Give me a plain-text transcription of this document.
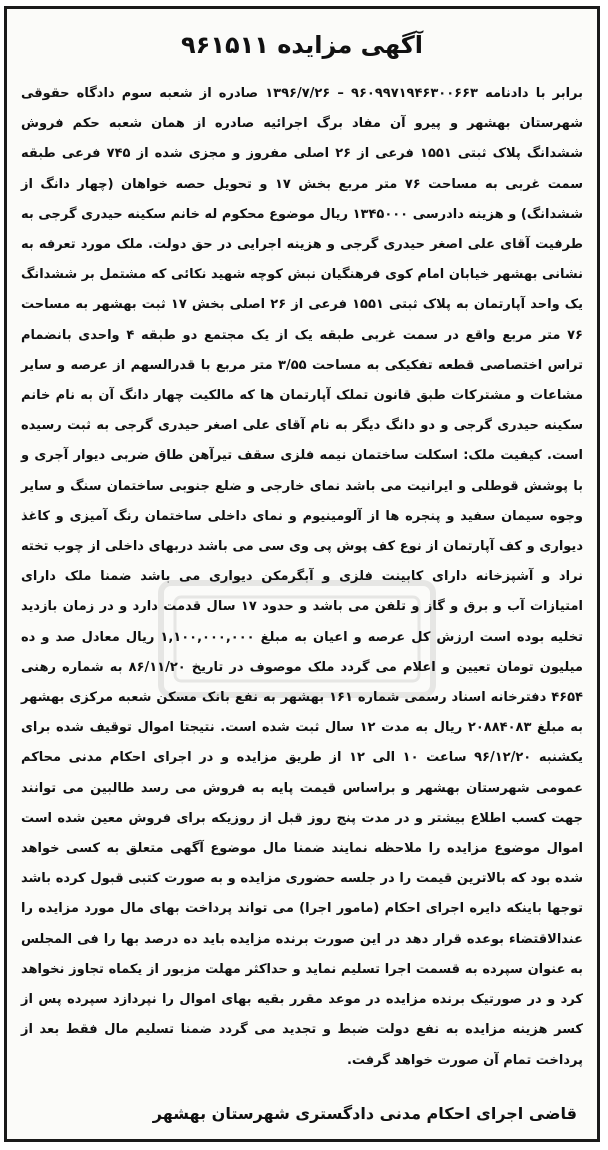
آگهی مزایده ۹۶۱۵۱۱

برابر با دادنامه ۹۶۰۹۹۷۱۹۴۶۳۰۰۶۶۳ – ۱۳۹۶/۷/۲۶ صادره از شعبه سوم دادگاه حقوقی شهرستان بهشهر و پیرو آن مفاد برگ اجرائیه صادره از همان شعبه حکم فروش ششدانگ پلاک ثبتی ۱۵۵۱ فرعی از ۲۶ اصلی مفروز و مجزی شده از ۷۴۵ فرعی طبقه سمت غربی به مساحت ۷۶ متر مربع بخش ۱۷ و تحویل حصه خواهان (چهار دانگ از ششدانگ) و هزینه دادرسی ۱۳۴۵۰۰۰ ریال موضوع محکوم له خانم سکینه حیدری گرجی به طرفیت آقای علی اصغر حیدری گرجی و هزینه اجرایی در حق دولت. ملک مورد تعرفه به نشانی بهشهر خیابان امام کوی فرهنگیان نبش کوچه شهید نکائی که مشتمل بر ششدانگ یک واحد آپارتمان به پلاک ثبتی ۱۵۵۱ فرعی از ۲۶ اصلی بخش ۱۷ ثبت بهشهر به مساحت ۷۶ متر مربع واقع در سمت غربی طبقه یک از یک مجتمع دو طبقه ۴ واحدی بانضمام تراس اختصاصی قطعه تفکیکی به مساحت ۳/۵۵ متر مربع با قدرالسهم از عرصه و سایر مشاعات و مشترکات طبق قانون تملک آپارتمان ها که مالکیت چهار دانگ آن به نام خانم سکینه حیدری گرجی و دو دانگ دیگر به نام آقای علی اصغر حیدری گرجی به ثبت رسیده است. کیفیت ملک: اسکلت ساختمان نیمه فلزی سقف تیرآهن طاق ضربی دیوار آجری و با پوشش قوطلی و ایرانیت می باشد نمای خارجی و ضلع جنوبی ساختمان سنگ و سایر وجوه سیمان سفید و پنجره ها از آلومینیوم و نمای داخلی ساختمان رنگ آمیزی و کاغذ دیواری و کف آپارتمان از نوع کف پوش پی وی سی می باشد دربهای داخلی از چوب تخته نراد و آشپزخانه دارای کابینت فلزی و آبگرمکن دیواری می باشد ضمنا ملک دارای امتیازات آب و برق و گاز و تلفن می باشد و حدود ۱۷ سال قدمت دارد و در زمان بازدید تخلیه بوده است ارزش کل عرصه و اعیان به مبلغ ۱,۱۰۰,۰۰۰,۰۰۰ ریال معادل صد و ده میلیون تومان تعیین و اعلام می گردد ملک موصوف در تاریخ ۸۶/۱۱/۲۰ به شماره رهنی ۴۶۵۴ دفترخانه اسناد رسمی شماره ۱۶۱ بهشهر به نفع بانک مسکن شعبه مرکزی بهشهر به مبلغ ۲۰۸۸۴۰۸۳ ریال به مدت ۱۲ سال ثبت شده است. نتیجتا اموال توقیف شده برای یکشنبه ۹۶/۱۲/۲۰ ساعت ۱۰ الی ۱۲ از طریق مزایده و در اجرای احکام مدنی محاکم عمومی شهرستان بهشهر و براساس قیمت پایه به فروش می رسد طالبین می توانند جهت کسب اطلاع بیشتر و در مدت پنج روز قبل از روزیکه برای فروش معین شده است اموال موضوع مزایده را ملاحظه نمایند ضمنا مال موضوع آگهی متعلق به کسی خواهد شده بود که بالاترین قیمت را در جلسه حضوری مزایده و به صورت کتبی قبول کرده باشد توجها باینکه دایره اجرای احکام (مامور اجرا) می تواند پرداخت بهای مال مورد مزایده را عندالاقتضاء بوعده قرار دهد در این صورت برنده مزایده باید ده درصد بها را فی المجلس به عنوان سپرده به قسمت اجرا تسلیم نماید و حداکثر مهلت مزبور از یکماه تجاوز نخواهد کرد و در صورتیک برنده مزایده در موعد مقرر بقیه بهای اموال را نپردازد سپرده پس از کسر هزینه مزایده به نفع دولت ضبط و تجدید می گردد ضمنا تسلیم مال فقط بعد از پرداخت تمام آن صورت خواهد گرفت.

قاضی اجرای احکام مدنی دادگستری شهرستان بهشهر
